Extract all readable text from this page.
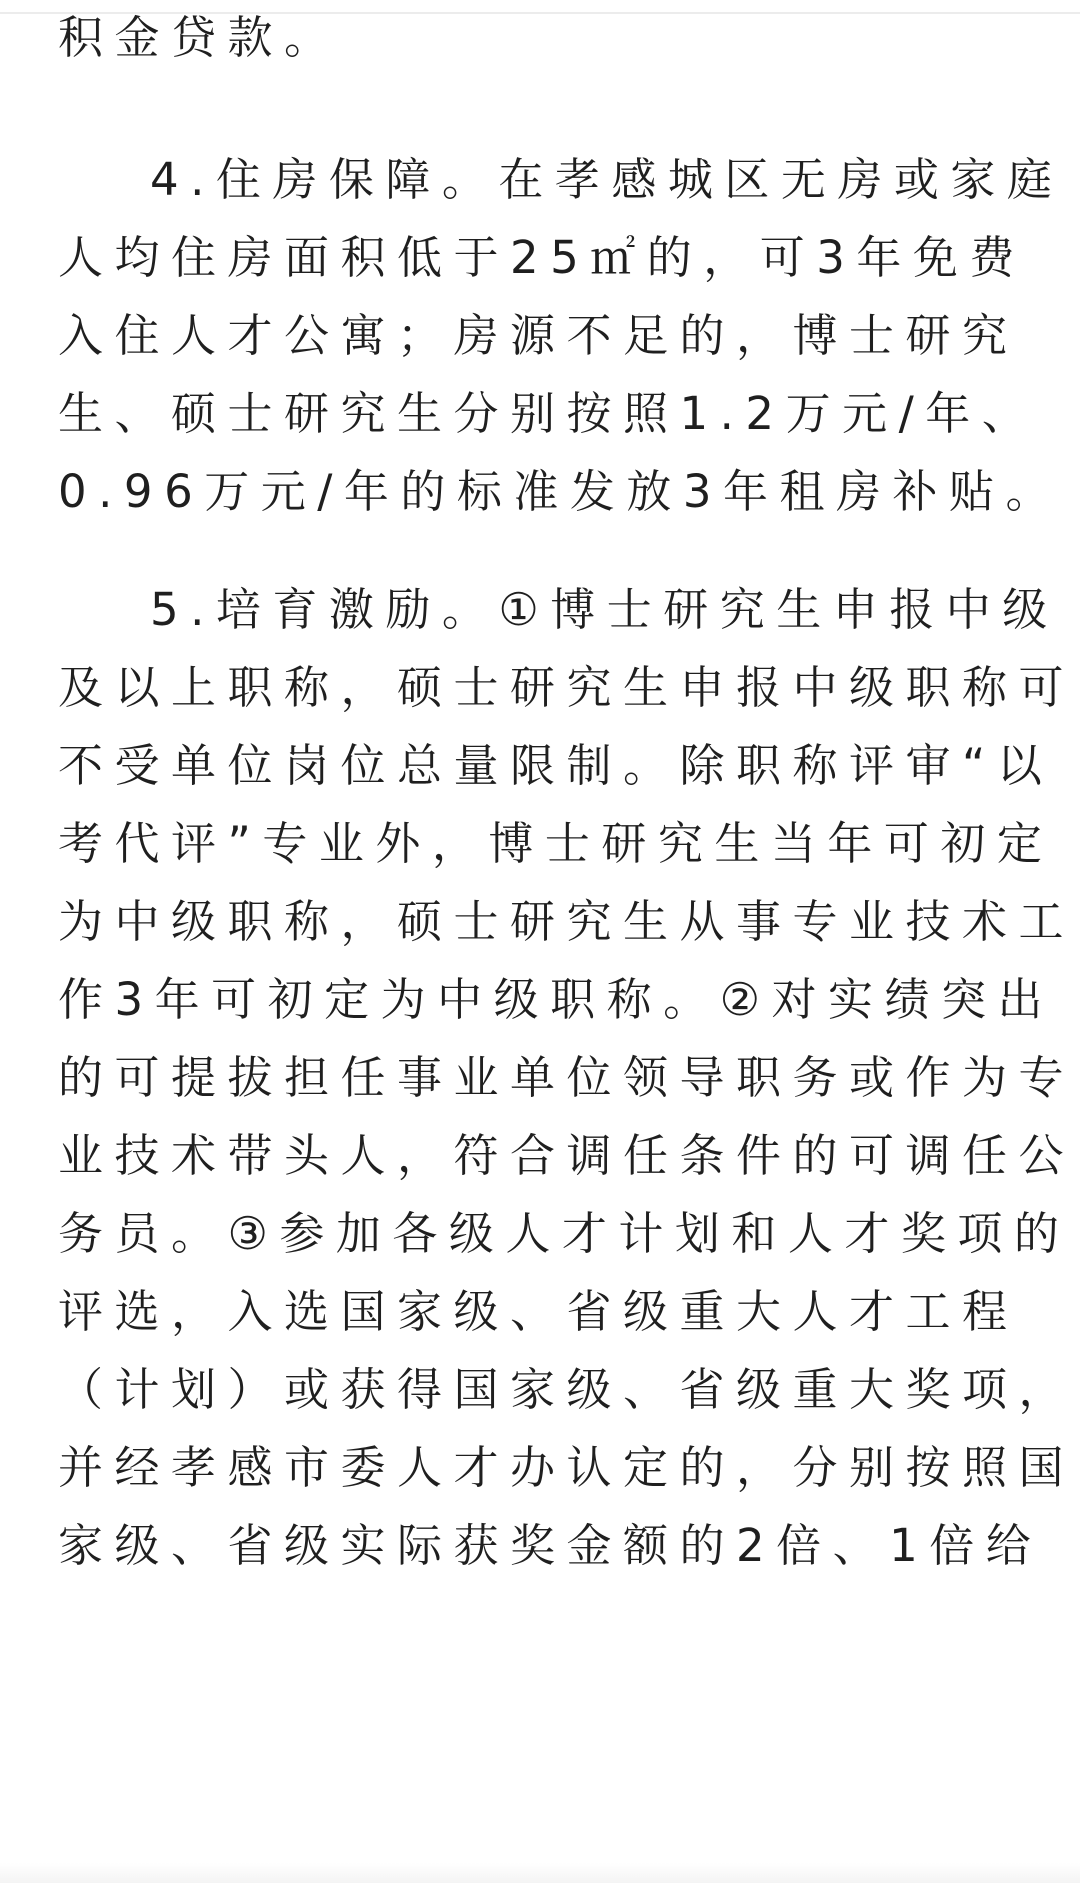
积金贷款。
4.住房保障。在孝感城区无房或家庭
人均住房面积低于25㎡的，可3年免费
入住人才公寓；房源不足的，博士研究
生、硕士研究生分别按照1.2万元/年、
0.96万元/年的标准发放3年租房补贴。
5.培育激励。①博士研究生申报中级
及以上职称，硕士研究生申报中级职称可
不受单位岗位总量限制。除职称评审“以
考代评”专业外，博士研究生当年可初定
为中级职称，硕士研究生从事专业技术工
作3年可初定为中级职称。②对实绩突出
的可提拔担任事业单位领导职务或作为专
业技术带头人，符合调任条件的可调任公
务员。③参加各级人才计划和人才奖项的
评选，入选国家级、省级重大人才工程
（计划）或获得国家级、省级重大奖项，
并经孝感市委人才办认定的，分别按照国
家级、省级实际获奖金额的2倍、1倍给
